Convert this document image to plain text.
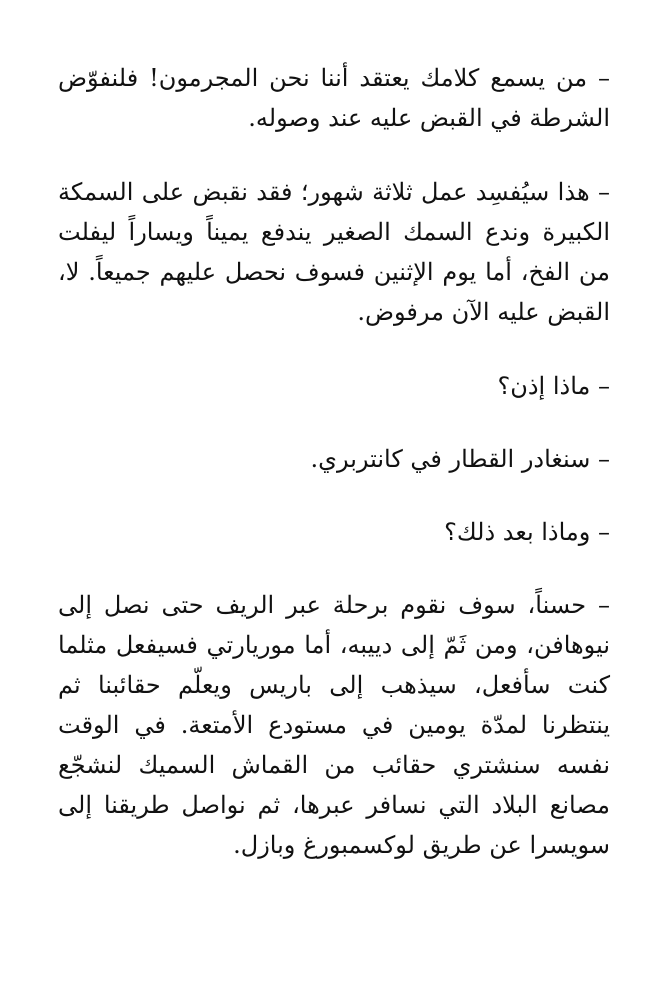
– من يسمع كلامك يعتقد أننا نحن المجرمون! فلنفوّض الشرطة في القبض عليه عند وصوله.

– هذا سيُفسِد عمل ثلاثة شهور؛ فقد نقبض على السمكة الكبيرة وندع السمك الصغير يندفع يميناً ويساراً ليفلت من الفخ، أما يوم الإثنين فسوف نحصل عليهم جميعاً. لا، القبض عليه الآن مرفوض.

– ماذا إذن؟

– سنغادر القطار في كانتربري.

– وماذا بعد ذلك؟

– حسناً، سوف نقوم برحلة عبر الريف حتى نصل إلى نيوهافن، ومن ثَمّ إلى دييبه، أما موريارتي فسيفعل مثلما كنت سأفعل، سيذهب إلى باريس ويعلّم حقائبنا ثم ينتظرنا لمدّة يومين في مستودع الأمتعة. في الوقت نفسه سنشتري حقائب من القماش السميك لنشجّع مصانع البلاد التي نسافر عبرها، ثم نواصل طريقنا إلى سويسرا عن طريق لوكسمبورغ وبازل.
